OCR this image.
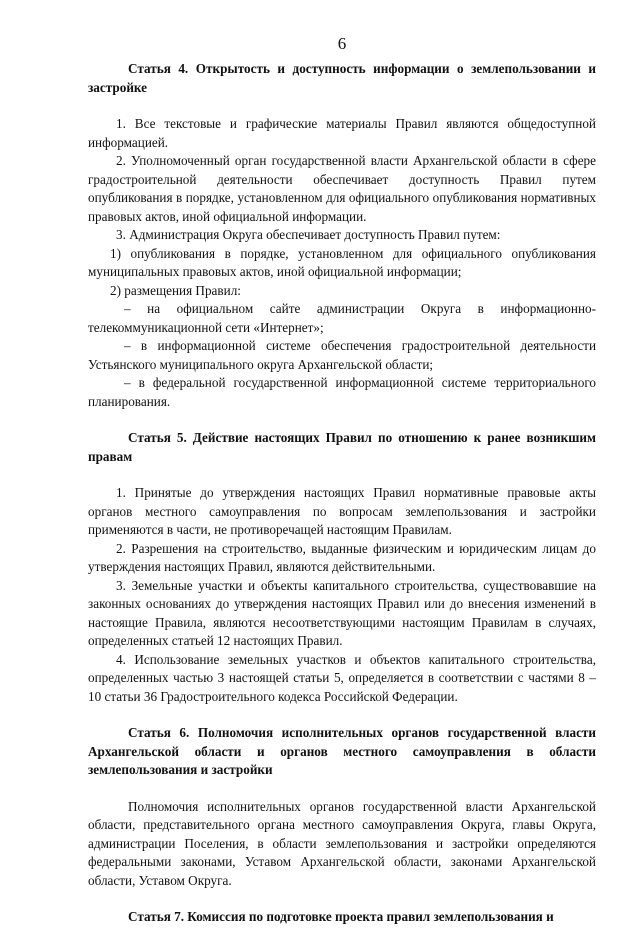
6
Статья 4. Открытость и доступность информации о землепользовании и застройке
1. Все текстовые и графические материалы Правил являются общедоступной информацией.
2. Уполномоченный орган государственной власти Архангельской области в сфере градостроительной деятельности обеспечивает доступность Правил путем опубликования в порядке, установленном для официального опубликования нормативных правовых актов, иной официальной информации.
3. Администрация Округа обеспечивает доступность Правил путем:
1) опубликования в порядке, установленном для официального опубликования муниципальных правовых актов, иной официальной информации;
2) размещения Правил:
– на официальном сайте администрации Округа в информационно-телекоммуникационной сети «Интернет»;
– в информационной системе обеспечения градостроительной деятельности Устьянского муниципального округа Архангельской области;
– в федеральной государственной информационной системе территориального планирования.
Статья 5. Действие настоящих Правил по отношению к ранее возникшим правам
1. Принятые до утверждения настоящих Правил нормативные правовые акты органов местного самоуправления по вопросам землепользования и застройки применяются в части, не противоречащей настоящим Правилам.
2. Разрешения на строительство, выданные физическим и юридическим лицам до утверждения настоящих Правил, являются действительными.
3. Земельные участки и объекты капитального строительства, существовавшие на законных основаниях до утверждения настоящих Правил или до внесения изменений в настоящие Правила, являются несоответствующими настоящим Правилам в случаях, определенных статьей 12 настоящих Правил.
4. Использование земельных участков и объектов капитального строительства, определенных частью 3 настоящей статьи 5, определяется в соответствии с частями 8 – 10 статьи 36 Градостроительного кодекса Российской Федерации.
Статья 6. Полномочия исполнительных органов государственной власти Архангельской области и органов местного самоуправления в области землепользования и застройки
Полномочия исполнительных органов государственной власти Архангельской области, представительного органа местного самоуправления Округа, главы Округа, администрации Поселения, в области землепользования и застройки определяются федеральными законами, Уставом Архангельской области, законами Архангельской области, Уставом Округа.
Статья 7. Комиссия по подготовке проекта правил землепользования и
